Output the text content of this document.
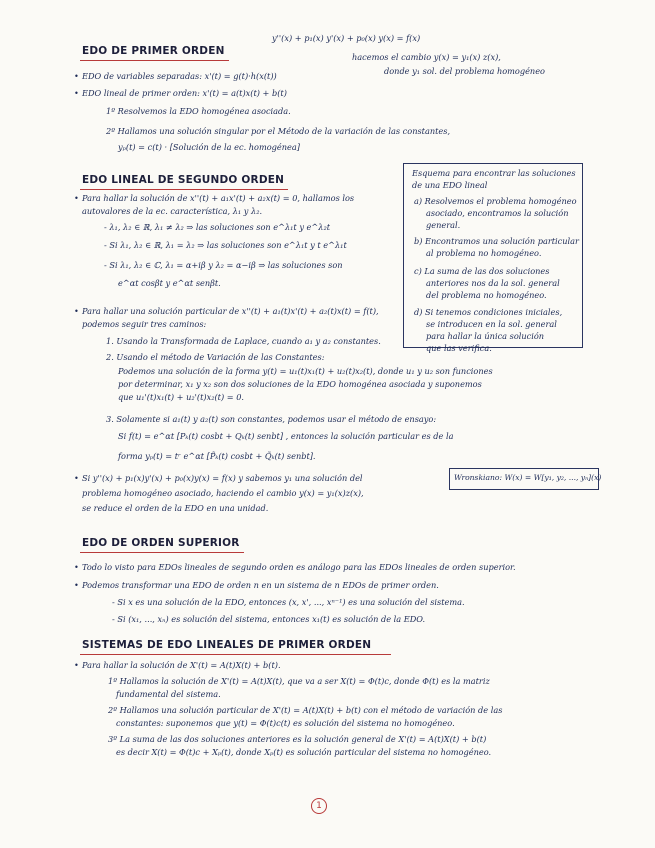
y''(x) + p₁(x) y'(x) + p₀(x) y(x) = f(x)
hacemos el cambio y(x) = y₁(x) z(x),
donde y₁ sol. del problema homogéneo
EDO DE PRIMER ORDEN
• EDO de variables separadas: x'(t) = g(t)·h(x(t))
• EDO lineal de primer orden: x'(t) = a(t)x(t) + b(t)
1º Resolvemos la EDO homogénea asociada.
2º Hallamos una solución singular por el Método de la variación de las constantes,
yₚ(t) = c(t) · [Solución de la ec. homogénea]
EDO LINEAL DE SEGUNDO ORDEN
• Para hallar la solución de x''(t) + a₁x'(t) + a₂x(t) = 0, hallamos los
autovalores de la ec. característica, λ₁ y λ₂.
- λ₁, λ₂ ∈ ℝ, λ₁ ≠ λ₂ ⇒ las soluciones son e^λ₁t y e^λ₂t
- Si λ₁, λ₂ ∈ ℝ, λ₁ = λ₂ ⇒ las soluciones son e^λ₁t y t e^λ₁t
- Si λ₁, λ₂ ∈ ℂ, λ₁ = α+iβ y λ₂ = α−iβ ⇒ las soluciones son
e^αt cosβt y e^αt senβt.
• Para hallar una solución particular de x''(t) + a₁(t)x'(t) + a₂(t)x(t) = f(t),
podemos seguir tres caminos:
1. Usando la Transformada de Laplace, cuando a₁ y a₂ constantes.
2. Usando el método de Variación de las Constantes:
Podemos una solución de la forma y(t) = u₁(t)x₁(t) + u₂(t)x₂(t), donde u₁ y u₂ son funciones
por determinar, x₁ y x₂ son dos soluciones de la EDO homogénea asociada y suponemos
que u₁'(t)x₁(t) + u₂'(t)x₂(t) = 0.
3. Solamente si a₁(t) y a₂(t) son constantes, podemos usar el método de ensayo:
Si f(t) = e^αt [Pₖ(t) cosbt + Qₖ(t) senbt] , entonces la solución particular es de la
forma yₚ(t) = tʳ e^αt [P̃ₖ(t) cosbt + Q̃ₖ(t) senbt].
• Si y''(x) + p₁(x)y'(x) + p₀(x)y(x) = f(x) y sabemos y₁ una solución del
problema homogéneo asociado, haciendo el cambio y(x) = y₁(x)z(x),
se reduce el orden de la EDO en una unidad.
Esquema para encontrar las soluciones
de una EDO lineal
a) Resolvemos el problema homogéneo
asociado, encontramos la solución
general.
b) Encontramos una solución particular
al problema no homogéneo.
c) La suma de las dos soluciones
anteriores nos da la sol. general
del problema no homogéneo.
d) Si tenemos condiciones iniciales,
se introducen en la sol. general
para hallar la única solución
que las verifica.
Wronskiano: W(x) = W[y₁, y₂, ..., yₙ](x)
EDO DE ORDEN SUPERIOR
• Todo lo visto para EDOs lineales de segundo orden es análogo para las EDOs lineales de orden superior.
• Podemos transformar una EDO de orden n en un sistema de n EDOs de primer orden.
- Si x es una solución de la EDO, entonces (x, x', ..., xⁿ⁻¹) es una solución del sistema.
- Si (x₁, ..., xₙ) es solución del sistema, entonces x₁(t) es solución de la EDO.
SISTEMAS DE EDO LINEALES DE PRIMER ORDEN
• Para hallar la solución de X'(t) = A(t)X(t) + b(t).
1º Hallamos la solución de X'(t) = A(t)X(t), que va a ser X(t) = Φ(t)c, donde Φ(t) es la matriz
fundamental del sistema.
2º Hallamos una solución particular de X'(t) = A(t)X(t) + b(t) con el método de variación de las
constantes: suponemos que y(t) = Φ(t)c(t) es solución del sistema no homogéneo.
3º La suma de las dos soluciones anteriores es la solución general de X'(t) = A(t)X(t) + b(t)
es decir X(t) = Φ(t)c + Xₚ(t), donde Xₚ(t) es solución particular del sistema no homogéneo.
1
